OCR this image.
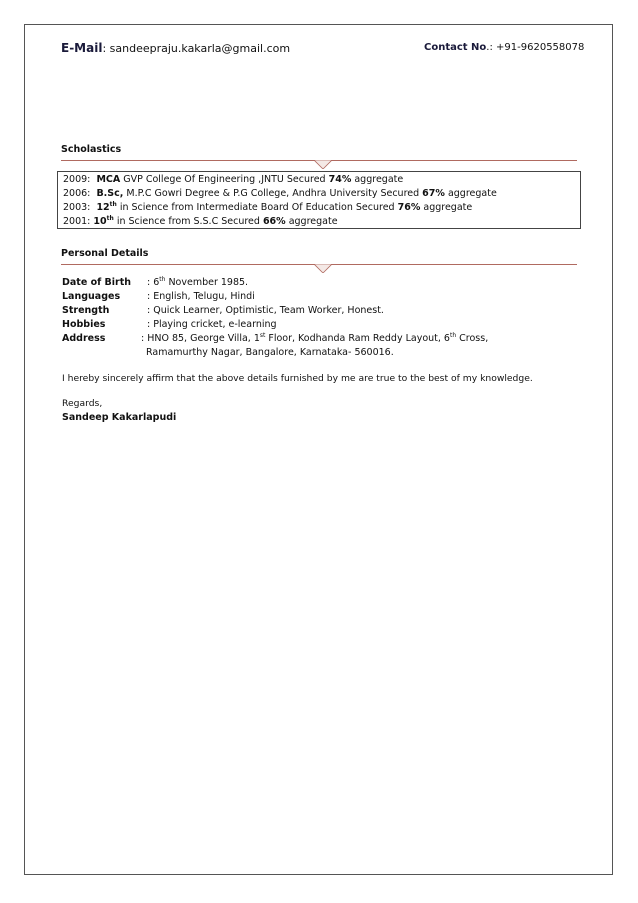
E-Mail: sandeepraju.kakarla@gmail.com	Contact No.: +91-9620558078
Scholastics
2009: MCA GVP College Of Engineering ,JNTU Secured 74% aggregate
2006: B.Sc, M.P.C Gowri Degree & P.G College, Andhra University Secured 67% aggregate
2003: 12th in Science from Intermediate Board Of Education Secured 76% aggregate
2001: 10th in Science from S.S.C Secured 66% aggregate
Personal Details
Date of Birth : 6th November 1985.
Languages	: English, Telugu, Hindi
Strength	: Quick Learner, Optimistic, Team Worker, Honest.
Hobbies	: Playing cricket, e-learning
Address	: HNO 85, George Villa, 1st Floor, Kodhanda Ram Reddy Layout, 6th Cross,
Ramamurthy Nagar, Bangalore, Karnataka- 560016.
I hereby sincerely affirm that the above details furnished by me are true to the best of my knowledge.
Regards,
Sandeep Kakarlapudi
